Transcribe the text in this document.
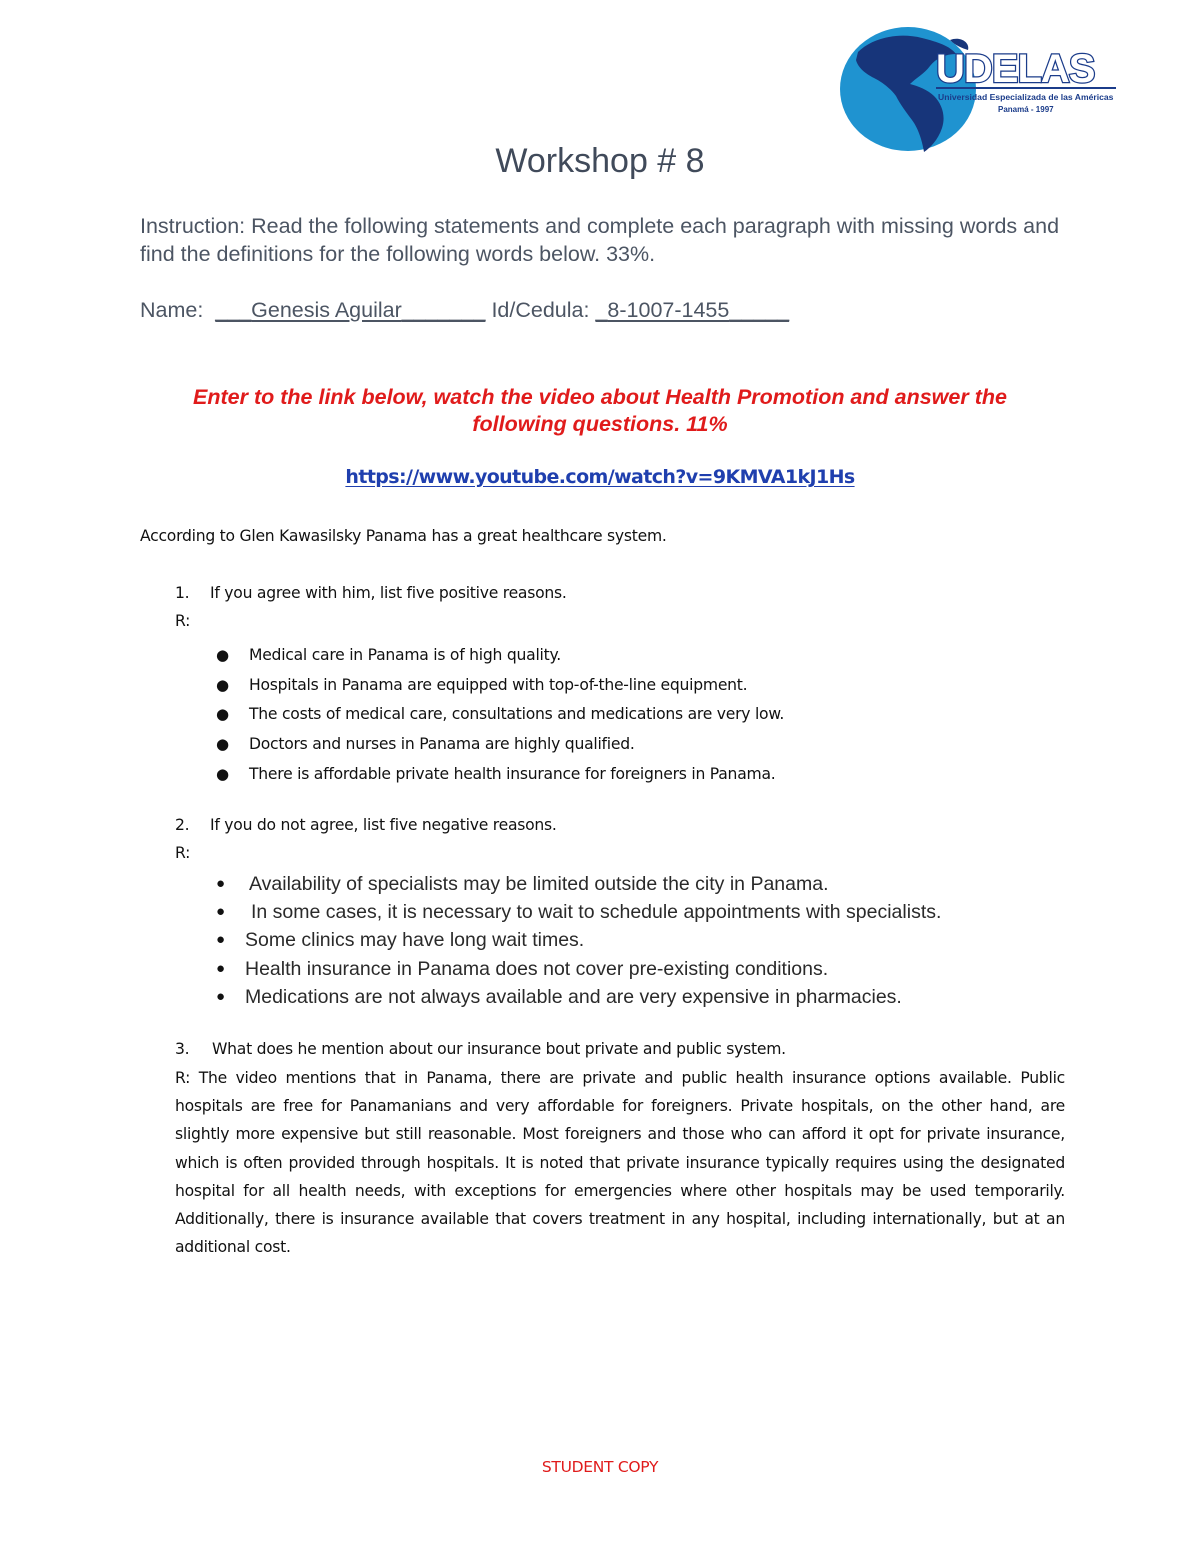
UDELAS
Universidad Especializada de las Américas
Panamá - 1997
Workshop # 8
Instruction: Read the following statements and complete each paragraph with missing words and find the definitions for the following words below. 33%.
Name: ___Genesis Aguilar_______ Id/Cedula: _8-1007-1455_____
Enter to the link below, watch the video about Health Promotion and answer the following questions. 11%
https://www.youtube.com/watch?v=9KMVA1kJ1Hs
According to Glen Kawasilsky Panama has a great healthcare system.
1. If you agree with him, list five positive reasons.
R:
● Medical care in Panama is of high quality.
● Hospitals in Panama are equipped with top-of-the-line equipment.
● The costs of medical care, consultations and medications are very low.
● Doctors and nurses in Panama are highly qualified.
● There is affordable private health insurance for foreigners in Panama.
2. If you do not agree, list five negative reasons.
R:
● Availability of specialists may be limited outside the city in Panama.
● In some cases, it is necessary to wait to schedule appointments with specialists.
● Some clinics may have long wait times.
● Health insurance in Panama does not cover pre-existing conditions.
● Medications are not always available and are very expensive in pharmacies.
3. What does he mention about our insurance bout private and public system.
R: The video mentions that in Panama, there are private and public health insurance options available. Public hospitals are free for Panamanians and very affordable for foreigners. Private hospitals, on the other hand, are slightly more expensive but still reasonable. Most foreigners and those who can afford it opt for private insurance, which is often provided through hospitals. It is noted that private insurance typically requires using the designated hospital for all health needs, with exceptions for emergencies where other hospitals may be used temporarily. Additionally, there is insurance available that covers treatment in any hospital, including internationally, but at an additional cost.
STUDENT COPY
